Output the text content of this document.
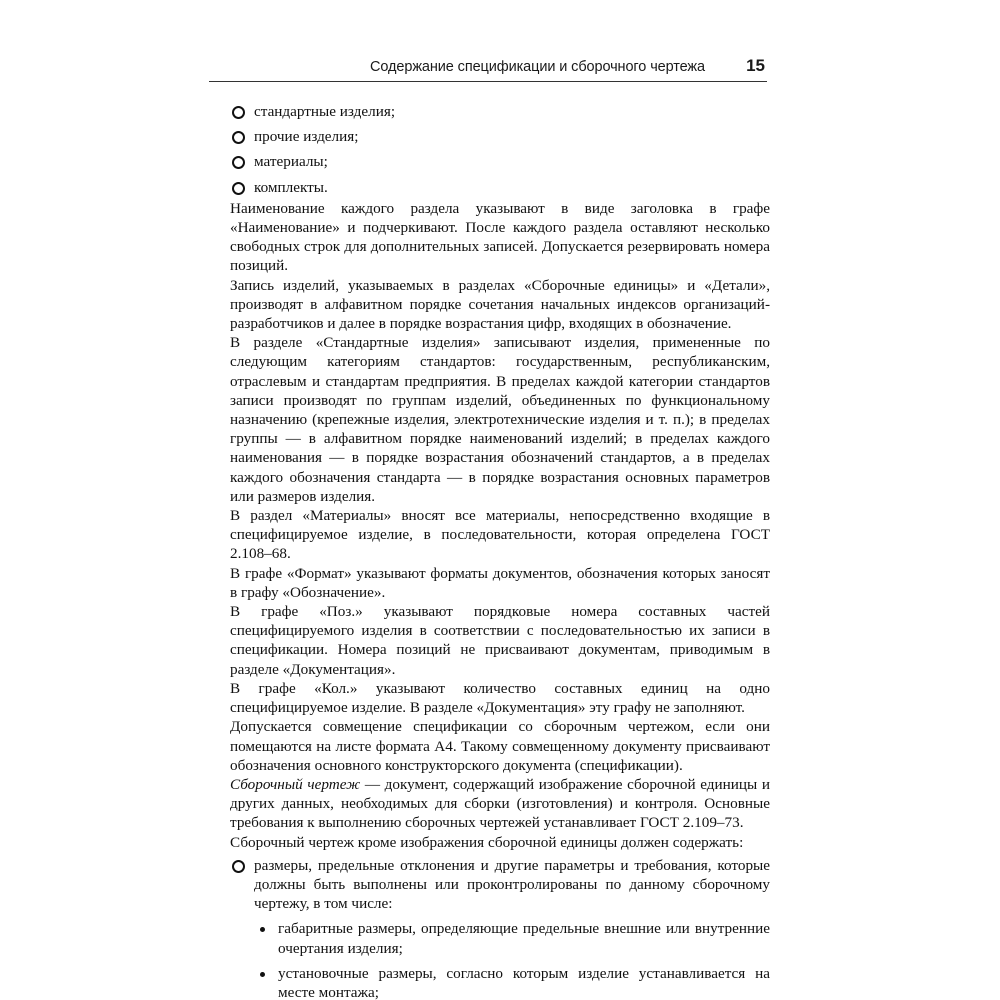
Содержание спецификации и сборочного чертежа 15
стандартные изделия;
прочие изделия;
материалы;
комплекты.

Наименование каждого раздела указывают в виде заголовка в графе «Наименование» и подчеркивают. После каждого раздела оставляют несколько свободных строк для дополнительных записей. Допускается резервировать номера позиций.

Запись изделий, указываемых в разделах «Сборочные единицы» и «Детали», производят в алфавитном порядке сочетания начальных индексов организаций-разработчиков и далее в порядке возрастания цифр, входящих в обозначение.

В разделе «Стандартные изделия» записывают изделия, примененные по следующим категориям стандартов: государственным, республиканским, отраслевым и стандартам предприятия. В пределах каждой категории стандартов записи производят по группам изделий, объединенных по функциональному назначению (крепежные изделия, электротехнические изделия и т. п.); в пределах группы — в алфавитном порядке наименований изделий; в пределах каждого наименования — в порядке возрастания обозначений стандартов, а в пределах каждого обозначения стандарта — в порядке возрастания основных параметров или размеров изделия.

В раздел «Материалы» вносят все материалы, непосредственно входящие в специфицируемое изделие, в последовательности, которая определена ГОСТ 2.108–68.

В графе «Формат» указывают форматы документов, обозначения которых заносят в графу «Обозначение».

В графе «Поз.» указывают порядковые номера составных частей специфицируемого изделия в соответствии с последовательностью их записи в спецификации. Номера позиций не присваивают документам, приводимым в разделе «Документация».

В графе «Кол.» указывают количество составных единиц на одно специфицируемое изделие. В разделе «Документация» эту графу не заполняют.

Допускается совмещение спецификации со сборочным чертежом, если они помещаются на листе формата А4. Такому совмещенному документу присваивают обозначения основного конструкторского документа (спецификации).

Сборочный чертеж — документ, содержащий изображение сборочной единицы и других данных, необходимых для сборки (изготовления) и контроля. Основные требования к выполнению сборочных чертежей устанавливает ГОСТ 2.109–73.

Сборочный чертеж кроме изображения сборочной единицы должен содержать:

размеры, предельные отклонения и другие параметры и требования, которые должны быть выполнены или проконтролированы по данному сборочному чертежу, в том числе:
габаритные размеры, определяющие предельные внешние или внутренние очертания изделия;
установочные размеры, согласно которым изделие устанавливается на месте монтажа;
